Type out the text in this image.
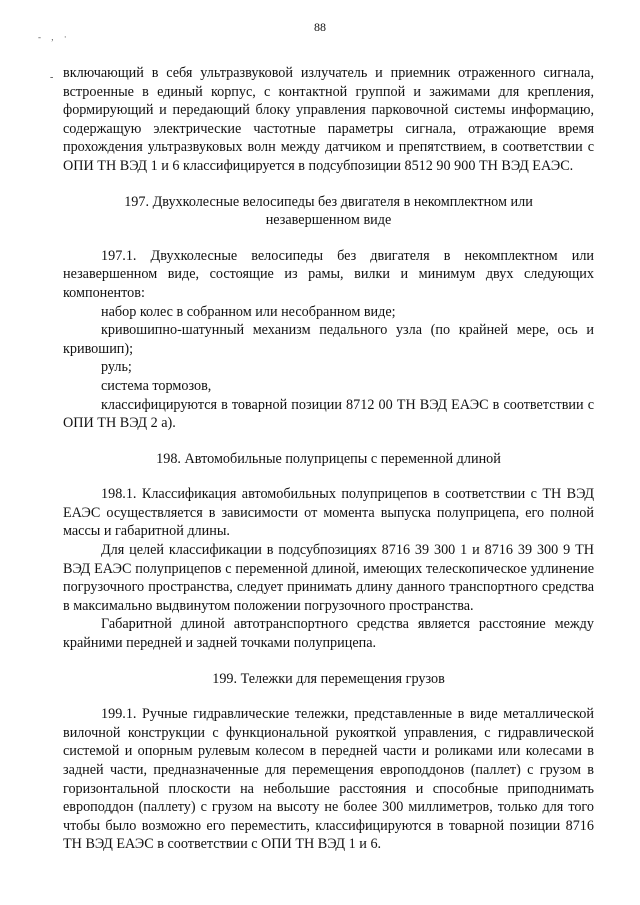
88
- , ·
- включающий в себя ультразвуковой излучатель и приемник отраженного сигнала, встроенные в единый корпус, с контактной группой и зажимами для крепления, формирующий и передающий блоку управления парковочной системы информацию, содержащую электрические частотные параметры сигнала, отражающие время прохождения ультразвуковых волн между датчиком и препятствием, в соответствии с ОПИ ТН ВЭД 1 и 6 классифицируется в подсубпозиции 8512 90 900 ТН ВЭД ЕАЭС.

197. Двухколесные велосипеды без двигателя в некомплектном или незавершенном виде

197.1. Двухколесные велосипеды без двигателя в некомплектном или незавершенном виде, состоящие из рамы, вилки и минимум двух следующих компонентов:

набор колес в собранном или несобранном виде;

кривошипно-шатунный механизм педального узла (по крайней мере, ось и кривошип);

руль;

система тормозов,

классифицируются в товарной позиции 8712 00 ТН ВЭД ЕАЭС в соответствии с ОПИ ТН ВЭД 2 а).

198. Автомобильные полуприцепы с переменной длиной

198.1. Классификация автомобильных полуприцепов в соответствии с ТН ВЭД ЕАЭС осуществляется в зависимости от момента выпуска полуприцепа, его полной массы и габаритной длины.

Для целей классификации в подсубпозициях 8716 39 300 1 и 8716 39 300 9 ТН ВЭД ЕАЭС полуприцепов с переменной длиной, имеющих телескопическое удлинение погрузочного пространства, следует принимать длину данного транспортного средства в максимально выдвинутом положении погрузочного пространства.

Габаритной длиной автотранспортного средства является расстояние между крайними передней и задней точками полуприцепа.

199. Тележки для перемещения грузов

199.1. Ручные гидравлические тележки, представленные в виде металлической вилочной конструкции с функциональной рукояткой управления, с гидравлической системой и опорным рулевым колесом в передней части и роликами или колесами в задней части, предназначенные для перемещения европоддонов (паллет) с грузом в горизонтальной плоскости на небольшие расстояния и способные приподнимать европоддон (паллету) с грузом на высоту не более 300 миллиметров, только для того чтобы было возможно его переместить, классифицируются в товарной позиции 8716 ТН ВЭД ЕАЭС в соответствии с ОПИ ТН ВЭД 1 и 6.
